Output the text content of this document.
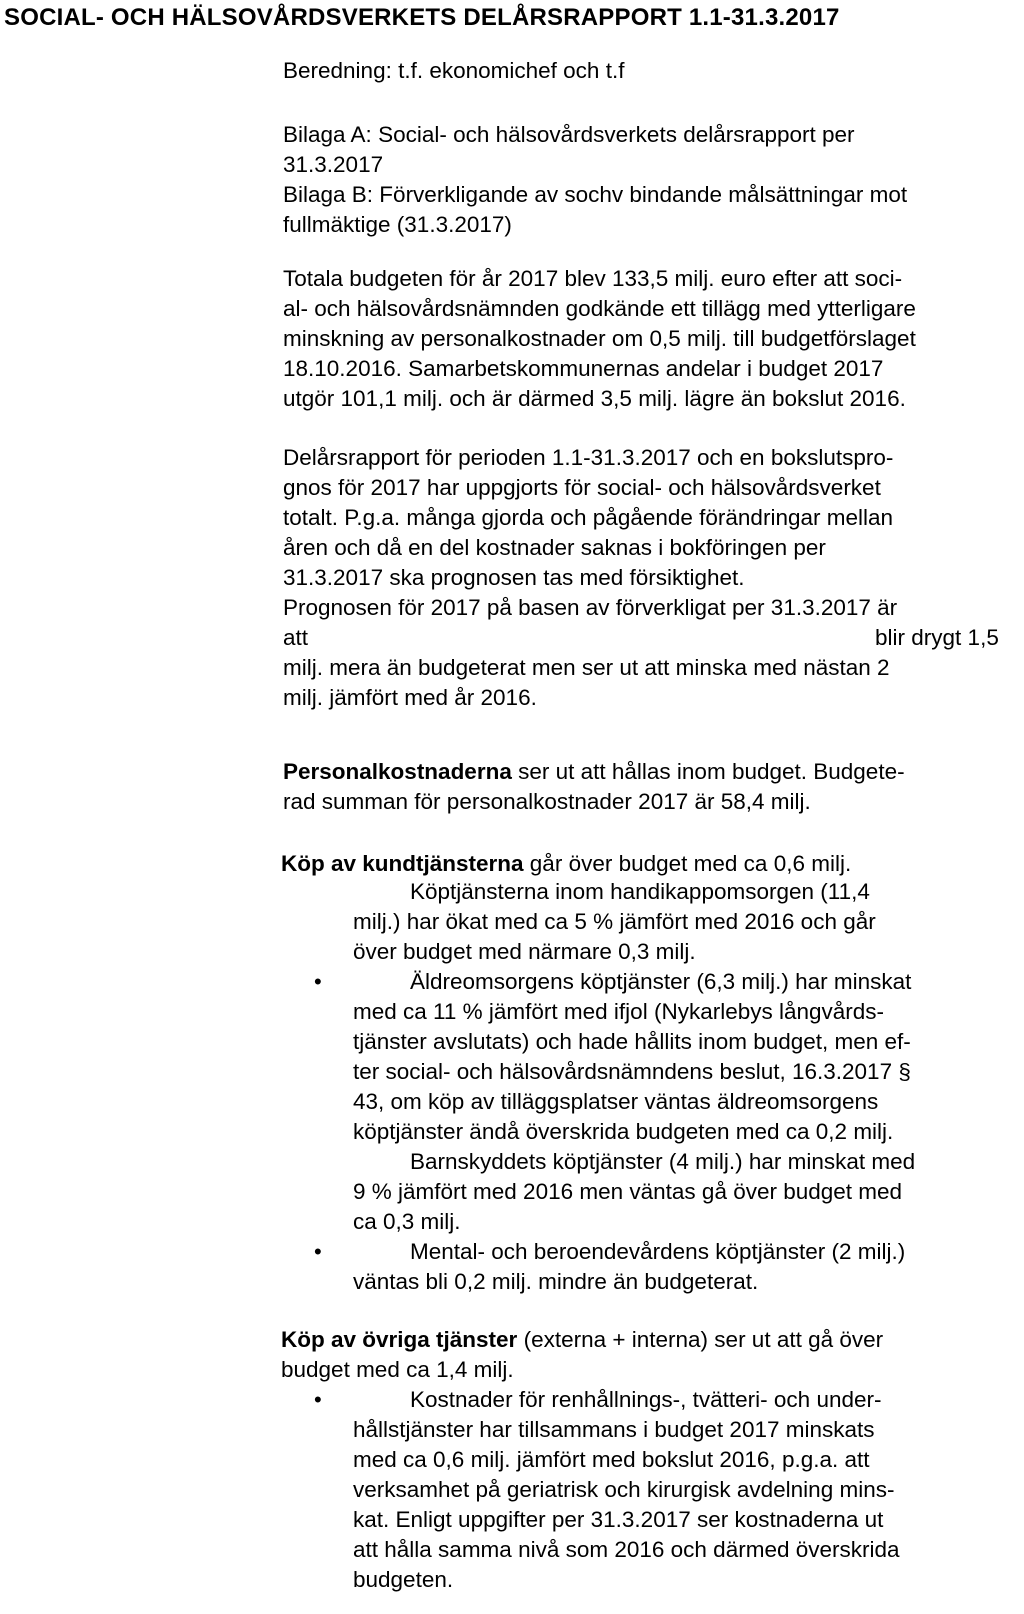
SOCIAL- OCH HÄLSOVÅRDSVERKETS DELÅRSRAPPORT 1.1-31.3.2017

Beredning: t.f. ekonomichef och t.f

Bilaga A: Social- och hälsovårdsverkets delårsrapport per
31.3.2017

Bilaga B: Förverkligande av sochv bindande målsättningar mot
fullmäktige (31.3.2017)

Totala budgeten för år 2017 blev 133,5 milj. euro efter att soci-
al- och hälsovårdsnämnden godkände ett tillägg med ytterligare
minskning av personalkostnader om 0,5 milj. till budgetförslaget
18.10.2016. Samarbetskommunernas andelar i budget 2017
utgör 101,1 milj. och är därmed 3,5 milj. lägre än bokslut 2016.

Delårsrapport för perioden 1.1-31.3.2017 och en bokslutspro-
gnos för 2017 har uppgjorts för social- och hälsovårdsverket
totalt. P.g.a. många gjorda och pågående förändringar mellan
åren och då en del kostnader saknas i bokföringen per
31.3.2017 ska prognosen tas med försiktighet.
Prognosen för 2017 på basen av förverkligat per 31.3.2017 är
att	blir drygt 1,5
milj. mera än budgeterat men ser ut att minska med nästan 2
milj. jämfört med år 2016.

Personalkostnaderna ser ut att hållas inom budget. Budgete-
rad summan för personalkostnader 2017 är 58,4 milj.

Köp av kundtjänsterna går över budget med ca 0,6 milj.

Köptjänsterna inom handikappomsorgen (11,4
milj.) har ökat med ca 5 % jämfört med 2016 och går
över budget med närmare 0,3 milj.

•	Äldreomsorgens köptjänster (6,3 milj.) har minskat
med ca 11 % jämfört med ifjol (Nykarlebys långvårds-
tjänster avslutats) och hade hållits inom budget, men ef-
ter social- och hälsovårdsnämndens beslut, 16.3.2017 §
43, om köp av tilläggsplatser väntas äldreomsorgens
köptjänster ändå överskrida budgeten med ca 0,2 milj.

Barnskyddets köptjänster (4 milj.) har minskat med
9 % jämfört med 2016 men väntas gå över budget med
ca 0,3 milj.

•	Mental- och beroendevårdens köptjänster (2 milj.)
väntas bli 0,2 milj. mindre än budgeterat.

Köp av övriga tjänster (externa + interna) ser ut att gå över
budget med ca 1,4 milj.

•	Kostnader för renhållnings-, tvätteri- och under-
hållstjänster har tillsammans i budget 2017 minskats
med ca 0,6 milj. jämfört med bokslut 2016, p.g.a. att
verksamhet på geriatrisk och kirurgisk avdelning mins-
kat. Enligt uppgifter per 31.3.2017 ser kostnaderna ut
att hålla samma nivå som 2016 och därmed överskrida
budgeten.
